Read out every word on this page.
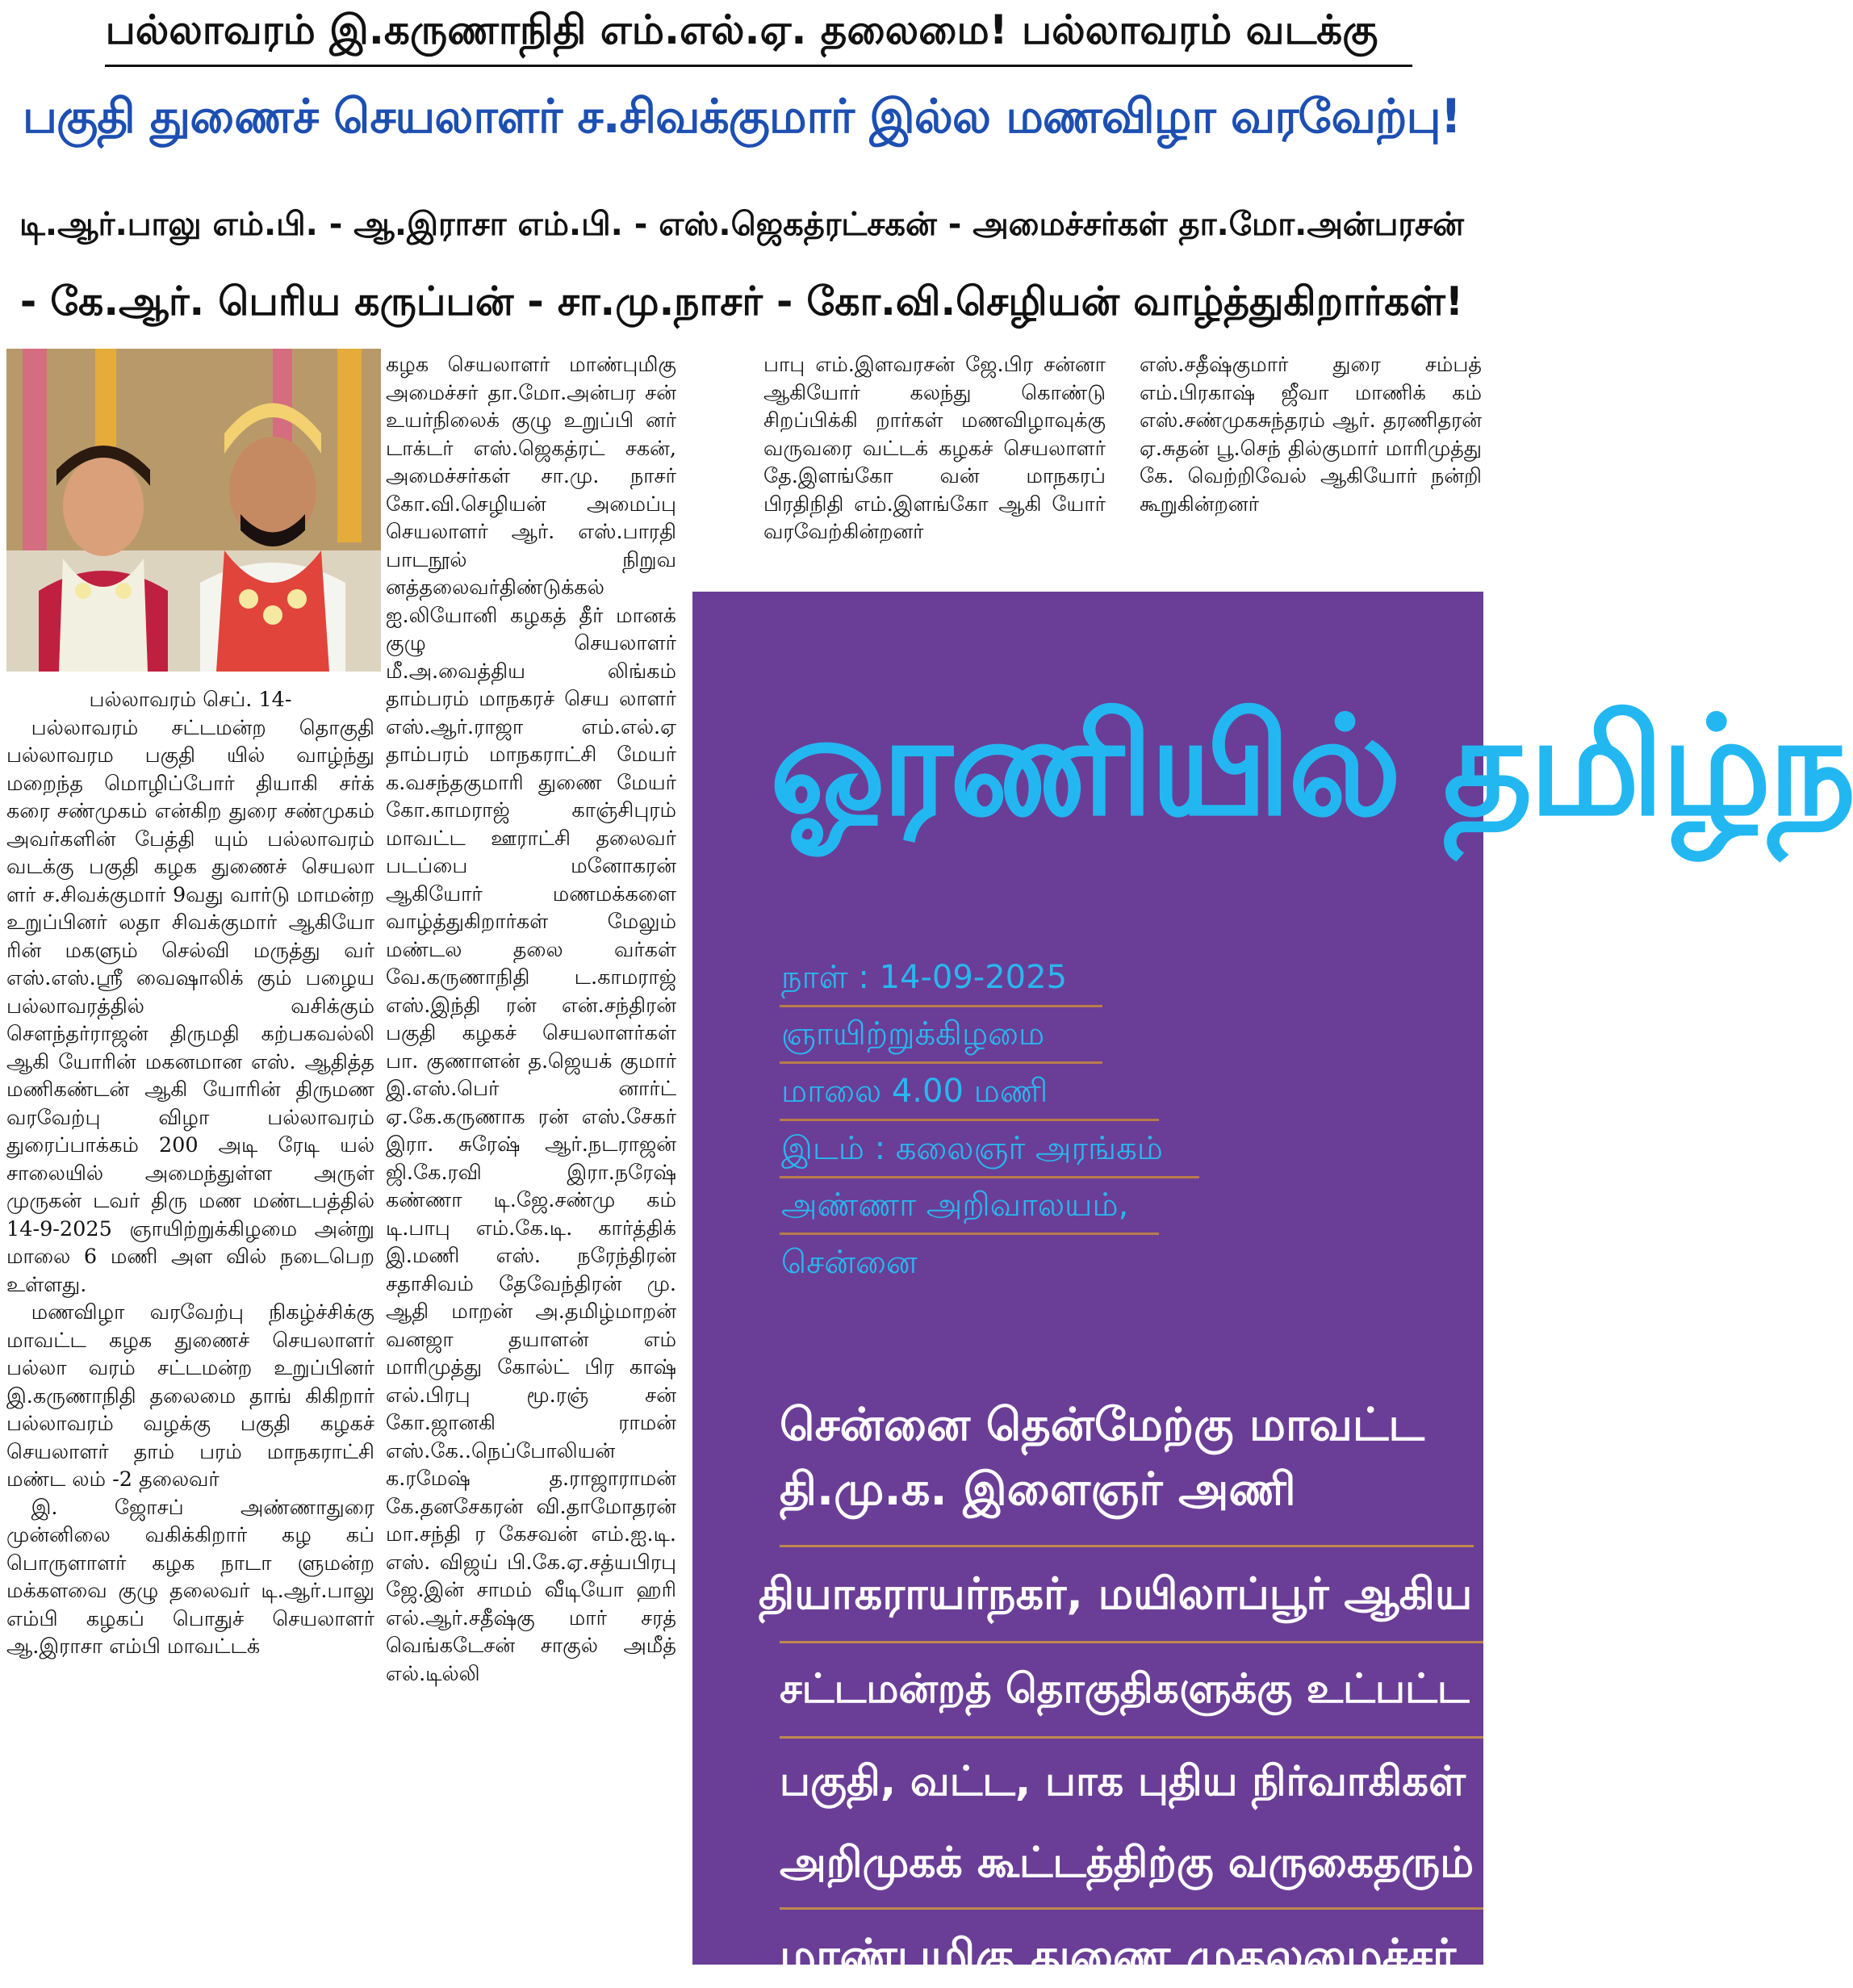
பல்லாவரம் இ.கருணாநிதி எம்.எல்.ஏ. தலைமை! பல்லாவரம் வடக்கு
பகுதி துணைச் செயலாளர் ச.சிவக்குமார் இல்ல மணவிழா வரவேற்பு!
டி.ஆர்.பாலு எம்.பி. - ஆ.இராசா எம்.பி. - எஸ்.ஜெகத்ரட்சகன் - அமைச்சர்கள் தா.மோ.அன்பரசன்
- கே.ஆர். பெரிய கருப்பன் - சா.மு.நாசர் - கோ.வி.செழியன் வாழ்த்துகிறார்கள்!

பல்லாவரம் செப். 14-

பல்லாவரம் சட்டமன்ற தொகுதி பல்லாவரம பகுதி யில் வாழ்ந்து மறைந்த மொழிப்போர் தியாகி சர்க் கரை சண்முகம் என்கிற துரை சண்முகம் அவர்களின் பேத்தி யும் பல்லாவரம் வடக்கு பகுதி கழக துணைச் செயலா ளர் ச.சிவக்குமார் 9வது வார்டு மாமன்ற உறுப்பினர் லதா சிவக்குமார் ஆகியோ ரின் மகளும் செல்வி மருத்து வர் எஸ்.எஸ்.ஸ்ரீ வைஷாலிக் கும் பழைய பல்லாவரத்தில் வசிக்கும் சௌந்தர்ராஜன் திருமதி கற்பகவல்லி ஆகி யோரின் மகனமான எஸ். ஆதித்த மணிகண்டன் ஆகி யோரின் திருமண வரவேற்பு விழா பல்லாவரம் துரைப்பாக்கம் 200 அடி ரேடி யல் சாலையில் அமைந்துள்ள அருள் முருகன் டவர் திரு மண மண்டபத்தில் 14-9-2025 ஞாயிற்றுக்கிழமை அன்று மாலை 6 மணி அள வில் நடைபெற உள்ளது.

மணவிழா வரவேற்பு நிகழ்ச்சிக்கு மாவட்ட கழக துணைச் செயலாளர் பல்லா வரம் சட்டமன்ற உறுப்பினர் இ.கருணாநிதி தலைமை தாங் கிகிறார் பல்லாவரம் வழக்கு பகுதி கழகச் செயலாளர் தாம் பரம் மாநகராட்சி மண்ட லம் -2 தலைவர்

இ. ஜோசப் அண்ணாதுரை முன்னிலை வகிக்கிறார் கழ கப் பொருளாளர் கழக நாடா ளுமன்ற மக்களவை குழு தலைவர் டி.ஆர்.பாலு எம்பி கழகப் பொதுச் செயலாளர் ஆ.இராசா எம்பி மாவட்டக்

கழக செயலாளர் மாண்புமிகு அமைச்சர் தா.மோ.அன்பர சன் உயர்நிலைக் குழு உறுப்பி னர் டாக்டர் எஸ்.ஜெகத்ரட் சகன், அமைச்சர்கள் சா.மு. நாசர் கோ.வி.செழியன் அமைப்பு செயலாளர் ஆர். எஸ்.பாரதி பாடநூல் நிறுவ னத்தலைவர்திண்டுக்கல் ஐ.லியோனி கழகத் தீர் மானக் குழு செயலாளர் மீ.அ.வைத்திய லிங்கம் தாம்பரம் மாநகரச் செய லாளர் எஸ்.ஆர்.ராஜா எம்.எல்.ஏ தாம்பரம் மாநகராட்சி மேயர் க.வசந்தகுமாரி துணை மேயர் கோ.காமராஜ் காஞ்சிபுரம் மாவட்ட ஊராட்சி தலைவர் படப்பை மனோகரன் ஆகியோர் மணமக்களை வாழ்த்துகிறார்கள் மேலும் மண்டல தலை வர்கள் வே.கருணாநிதி ட.காமராஜ் எஸ்.இந்தி ரன் என்.சந்திரன் பகுதி கழகச் செயலாளர்கள் பா. குணாளன் த.ஜெயக் குமார் இ.எஸ்.பெர் னார்ட் ஏ.கே.கருணாக ரன் எஸ்.சேகர் இரா. சுரேஷ் ஆர்.நடராஜன் ஜி.கே.ரவி இரா.நரேஷ் கண்ணா டி.ஜே.சண்மு கம் டி.பாபு எம்.கே.டி. கார்த்திக் இ.மணி எஸ். நரேந்திரன் சதாசிவம் தேவேந்திரன் மு. ஆதி மாறன் அ.தமிழ்மாறன் வனஜா தயாளன் எம் மாரிமுத்து கோல்ட் பிர காஷ் எல்.பிரபு மூ.ரஞ் சன் கோ.ஜானகி ராமன் எஸ்.கே..நெப்போலியன் க.ரமேஷ் த.ராஜாராமன் கே.தனசேகரன் வி.தாமோதரன் மா.சந்தி ர கேசவன் எம்.ஐ.டி. எஸ். விஜய் பி.கே.ஏ.சத்யபிரபு ஜே.இன் சாமம் வீடியோ ஹரி எல்.ஆர்.சதீஷ்கு மார் சரத் வெங்கடேசன் சாகுல் அமீத் எல்.டில்லி

பாபு எம்.இளவரசன் ஜே.பிர சன்னா ஆகியோர் கலந்து கொண்டு சிறப்பிக்கி றார்கள் மணவிழாவுக்கு வருவரை வட்டக் கழகச் செயலாளர் தே.இளங்கோ வன் மாநகரப் பிரதிநிதி எம்.இளங்கோ ஆகி யோர் வரவேற்கின்றனர்

எஸ்.சதீஷ்குமார் துரை சம்பத் எம்.பிரகாஷ் ஜீவா மாணிக் கம் எஸ்.சண்முகசுந்தரம் ஆர். தரணிதரன் ஏ.சுதன் பூ.செந் தில்குமார் மாரிமுத்து கே. வெற்றிவேல் ஆகியோர் நன்றி கூறுகின்றனர்

ஓரணியில் தமிழ்ந
நாள் : 14-09-2025
ஞாயிற்றுக்கிழமை
மாலை 4.00 மணி
இடம் : கலைஞர் அரங்கம்
அண்ணா அறிவாலயம்,
சென்னை
சென்னை தென்மேற்கு மாவட்ட
தி.மு.க. இளைஞர் அணி
தியாகராயர்நகர், மயிலாப்பூர் ஆகிய
சட்டமன்றத் தொகுதிகளுக்கு உட்பட்ட
பகுதி, வட்ட, பாக புதிய நிர்வாகிகள்
அறிமுகக் கூட்டத்திற்கு வருகைதரும்
மாண்புமிகு துணை முதலமைச்சர்
